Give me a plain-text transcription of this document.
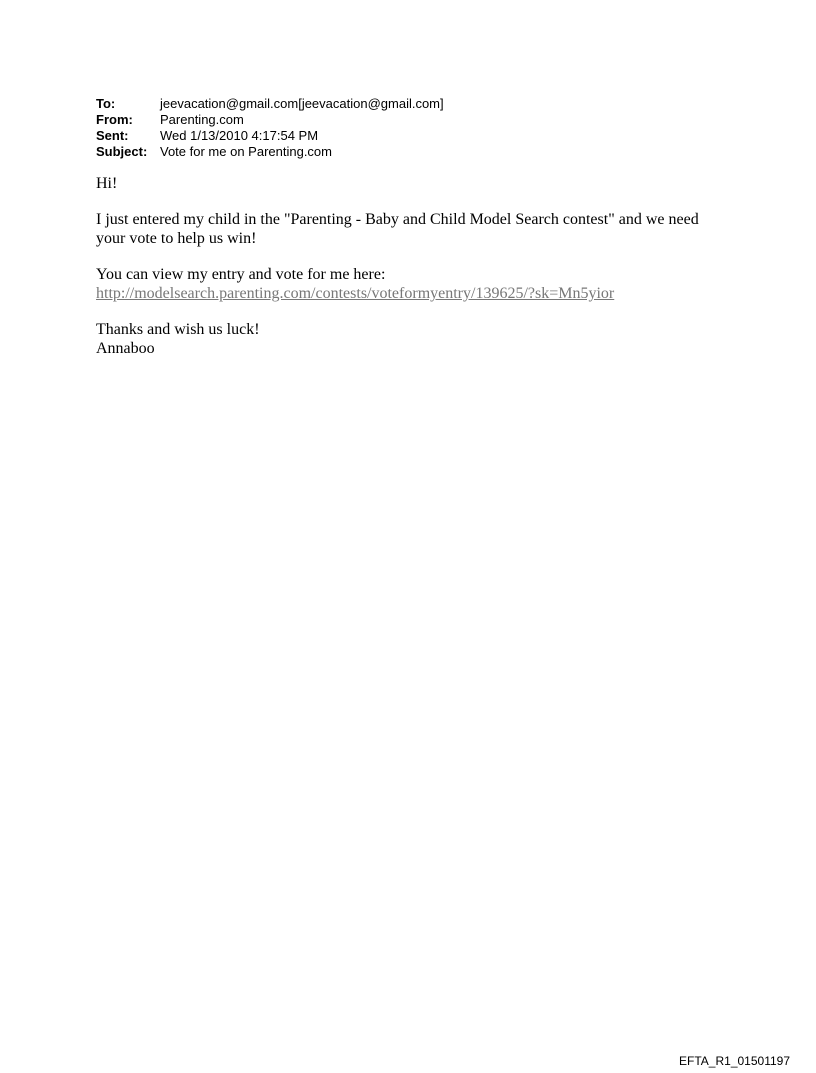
To:	jeevacation@gmail.com[jeevacation@gmail.com]
From:	Parenting.com
Sent:	Wed 1/13/2010 4:17:54 PM
Subject: Vote for me on Parenting.com

Hi!

I just entered my child in the "Parenting - Baby and Child Model Search contest" and we need
your vote to help us win!

You can view my entry and vote for me here:
http://modelsearch.parenting.com/contests/voteformyentry/139625/?sk=Mn5yior

Thanks and wish us luck!
Annaboo

EFTA_R1_01501197
